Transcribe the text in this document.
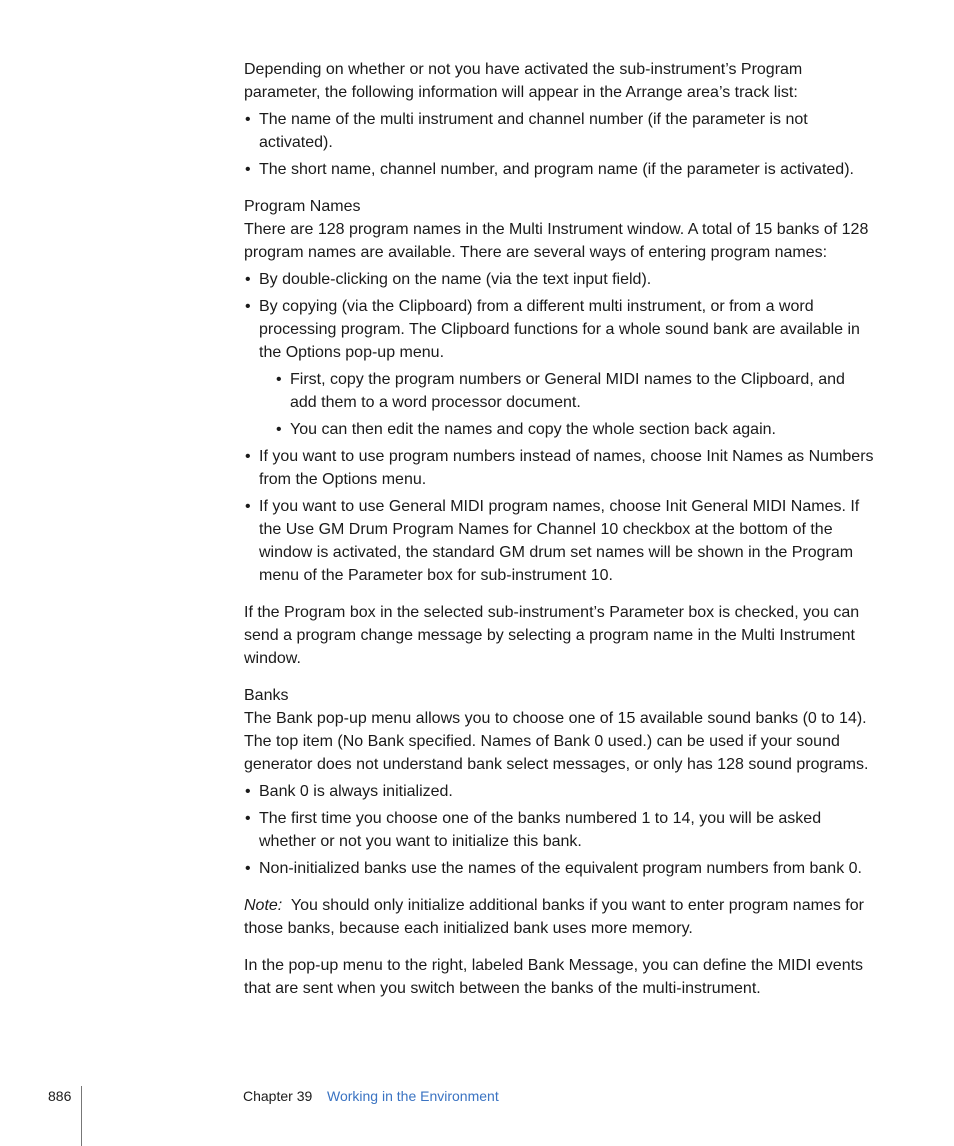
Depending on whether or not you have activated the sub-instrument’s Program parameter, the following information will appear in the Arrange area’s track list:

• The name of the multi instrument and channel number (if the parameter is not activated).
• The short name, channel number, and program name (if the parameter is activated).

Program Names

There are 128 program names in the Multi Instrument window. A total of 15 banks of 128 program names are available. There are several ways of entering program names:

• By double-clicking on the name (via the text input field).
• By copying (via the Clipboard) from a different multi instrument, or from a word processing program. The Clipboard functions for a whole sound bank are available in the Options pop-up menu.
• First, copy the program numbers or General MIDI names to the Clipboard, and add them to a word processor document.
• You can then edit the names and copy the whole section back again.
• If you want to use program numbers instead of names, choose Init Names as Numbers from the Options menu.
• If you want to use General MIDI program names, choose Init General MIDI Names. If the Use GM Drum Program Names for Channel 10 checkbox at the bottom of the window is activated, the standard GM drum set names will be shown in the Program menu of the Parameter box for sub-instrument 10.

If the Program box in the selected sub-instrument’s Parameter box is checked, you can send a program change message by selecting a program name in the Multi Instrument window.

Banks

The Bank pop-up menu allows you to choose one of 15 available sound banks (0 to 14). The top item (No Bank specified. Names of Bank 0 used.) can be used if your sound generator does not understand bank select messages, or only has 128 sound programs.

• Bank 0 is always initialized.
• The first time you choose one of the banks numbered 1 to 14, you will be asked whether or not you want to initialize this bank.
• Non-initialized banks use the names of the equivalent program numbers from bank 0.

Note: You should only initialize additional banks if you want to enter program names for those banks, because each initialized bank uses more memory.

In the pop-up menu to the right, labeled Bank Message, you can define the MIDI events that are sent when you switch between the banks of the multi-instrument.

886	Chapter 39 Working in the Environment
